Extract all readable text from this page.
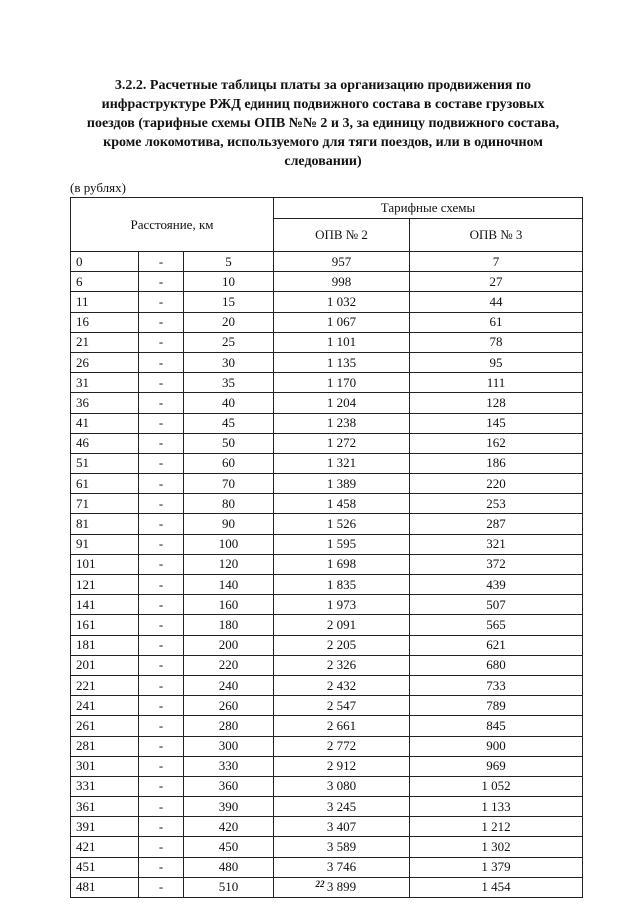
3.2.2. Расчетные таблицы платы за организацию продвижения по
инфраструктуре РЖД единиц подвижного состава в составе грузовых
поездов (тарифные схемы ОПВ №№ 2 и 3, за единицу подвижного состава,
кроме локомотива, используемого для тяги поездов, или в одиночном
следовании)
(в рублях)
Расстояние, км			Тарифные схемы	
			ОПВ № 2	ОПВ № 3
0	-	5	957	7
6	-	10	998	27
11	-	15	1 032	44
16	-	20	1 067	61
21	-	25	1 101	78
26	-	30	1 135	95
31	-	35	1 170	111
36	-	40	1 204	128
41	-	45	1 238	145
46	-	50	1 272	162
51	-	60	1 321	186
61	-	70	1 389	220
71	-	80	1 458	253
81	-	90	1 526	287
91	-	100	1 595	321
101	-	120	1 698	372
121	-	140	1 835	439
141	-	160	1 973	507
161	-	180	2 091	565
181	-	200	2 205	621
201	-	220	2 326	680
221	-	240	2 432	733
241	-	260	2 547	789
261	-	280	2 661	845
281	-	300	2 772	900
301	-	330	2 912	969
331	-	360	3 080	1 052
361	-	390	3 245	1 133
391	-	420	3 407	1 212
421	-	450	3 589	1 302
451	-	480	3 746	1 379
481	-	510	3 899	1 454
22
